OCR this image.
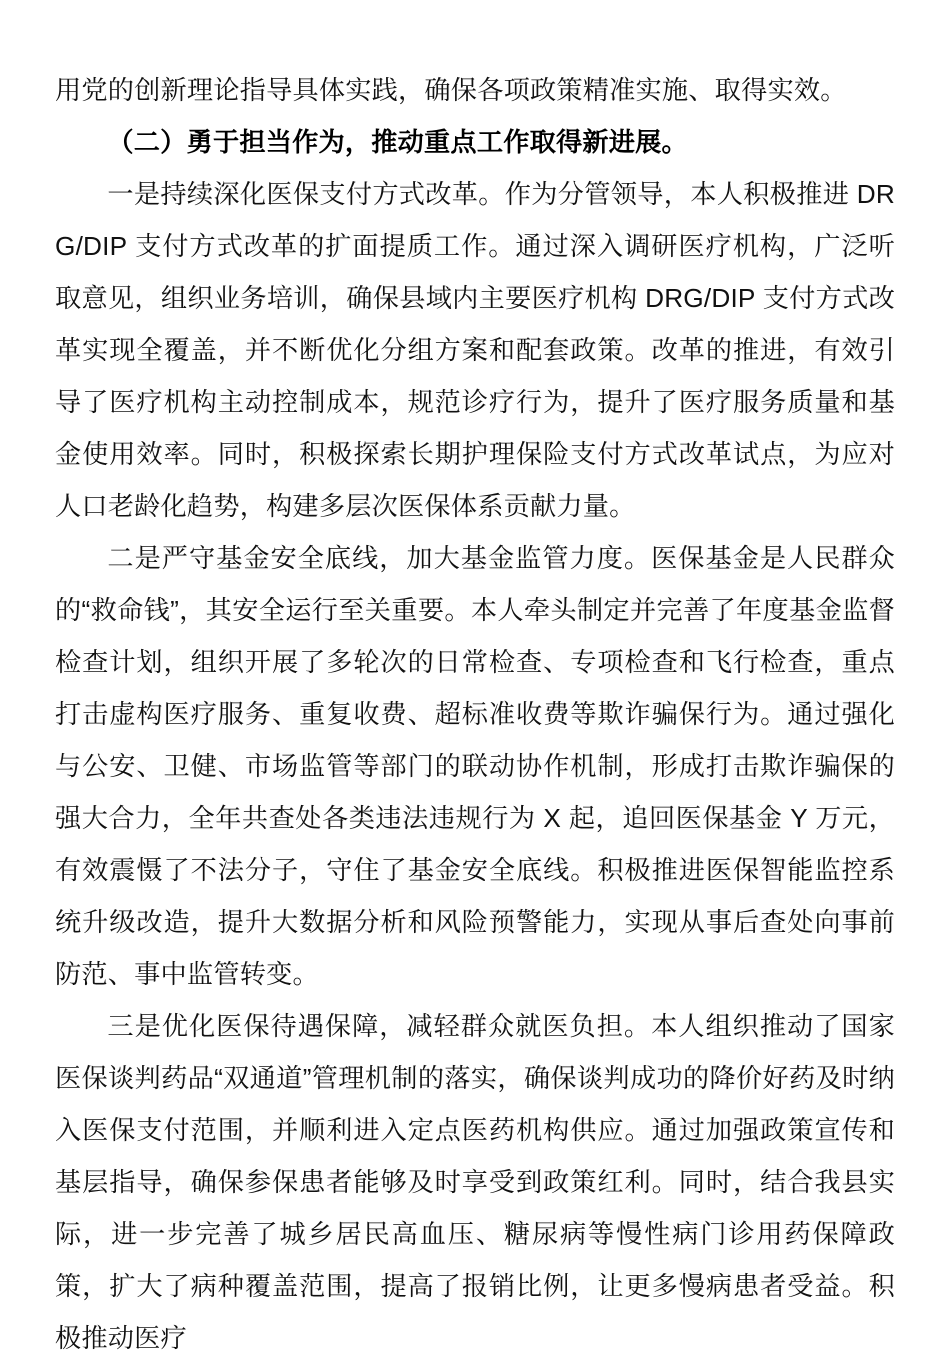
用党的创新理论指导具体实践，确保各项政策精准实施、取得实效。

（二）勇于担当作为，推动重点工作取得新进展。

一是持续深化医保支付方式改革。作为分管领导，本人积极推进 DRG/DIP 支付方式改革的扩面提质工作。通过深入调研医疗机构，广泛听取意见，组织业务培训，确保县域内主要医疗机构 DRG/DIP 支付方式改革实现全覆盖，并不断优化分组方案和配套政策。改革的推进，有效引导了医疗机构主动控制成本，规范诊疗行为，提升了医疗服务质量和基金使用效率。同时，积极探索长期护理保险支付方式改革试点，为应对人口老龄化趋势，构建多层次医保体系贡献力量。

二是严守基金安全底线，加大基金监管力度。医保基金是人民群众的“救命钱”，其安全运行至关重要。本人牵头制定并完善了年度基金监督检查计划，组织开展了多轮次的日常检查、专项检查和飞行检查，重点打击虚构医疗服务、重复收费、超标准收费等欺诈骗保行为。通过强化与公安、卫健、市场监管等部门的联动协作机制，形成打击欺诈骗保的强大合力，全年共查处各类违法违规行为 X 起，追回医保基金 Y 万元，有效震慑了不法分子，守住了基金安全底线。积极推进医保智能监控系统升级改造，提升大数据分析和风险预警能力，实现从事后查处向事前防范、事中监管转变。

三是优化医保待遇保障，减轻群众就医负担。本人组织推动了国家医保谈判药品“双通道”管理机制的落实，确保谈判成功的降价好药及时纳入医保支付范围，并顺利进入定点医药机构供应。通过加强政策宣传和基层指导，确保参保患者能够及时享受到政策红利。同时，结合我县实际，进一步完善了城乡居民高血压、糖尿病等慢性病门诊用药保障政策，扩大了病种覆盖范围，提高了报销比例，让更多慢病患者受益。积极推动医疗
